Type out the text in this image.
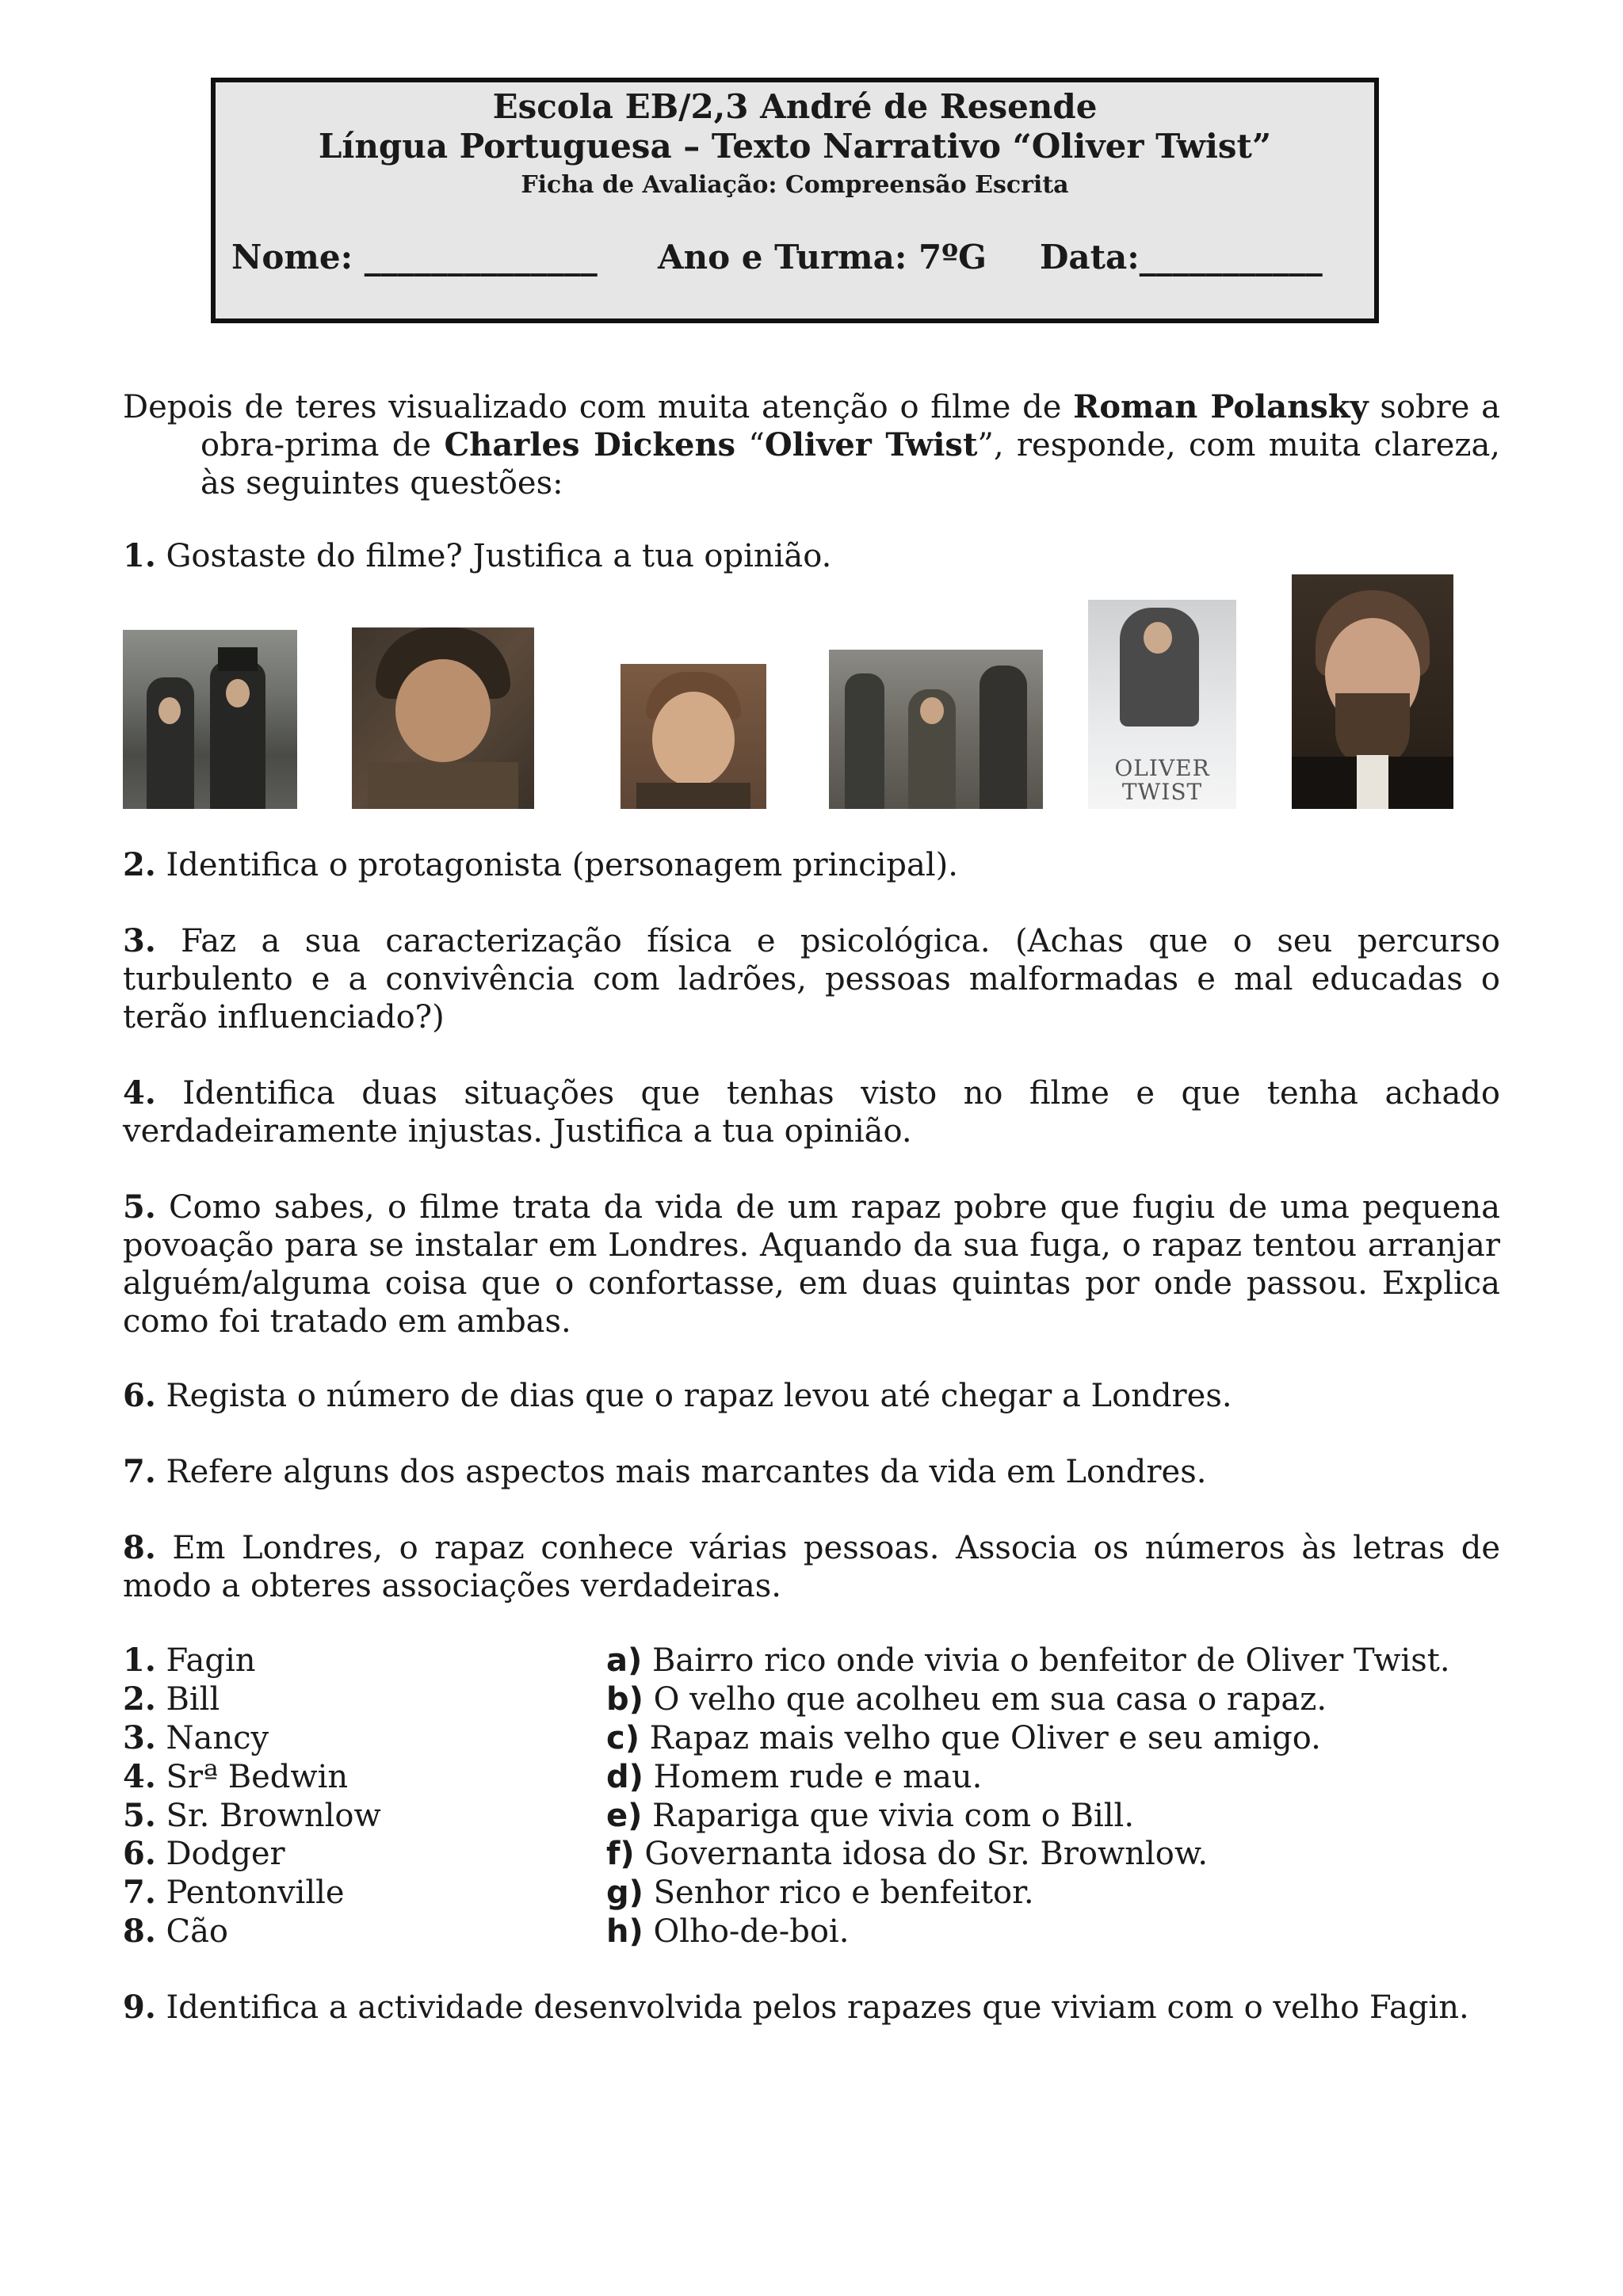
Escola EB/2,3 André de Resende
Língua Portuguesa – Texto Narrativo “Oliver Twist”
Ficha de Avaliação: Compreensão Escrita
Nome: ______________ Ano e Turma: 7ºG Data:___________
Depois de teres visualizado com muita atenção o filme de Roman Polansky sobre a obra-prima de Charles Dickens “Oliver Twist”, responde, com muita clareza, às seguintes questões:
1. Gostaste do filme? Justifica a tua opinião.
OLIVER
TWIST
2. Identifica o protagonista (personagem principal).
3. Faz a sua caracterização física e psicológica. (Achas que o seu percurso turbulento e a convivência com ladrões, pessoas malformadas e mal educadas o terão influenciado?)
4. Identifica duas situações que tenhas visto no filme e que tenha achado verdadeiramente injustas. Justifica a tua opinião.
5. Como sabes, o filme trata da vida de um rapaz pobre que fugiu de uma pequena povoação para se instalar em Londres. Aquando da sua fuga, o rapaz tentou arranjar alguém/alguma coisa que o confortasse, em duas quintas por onde passou. Explica como foi tratado em ambas.
6. Regista o número de dias que o rapaz levou até chegar a Londres.
7. Refere alguns dos aspectos mais marcantes da vida em Londres.
8. Em Londres, o rapaz conhece várias pessoas. Associa os números às letras de modo a obteres associações verdadeiras.
1. Fagin
2. Bill
3. Nancy
4. Srª Bedwin
5. Sr. Brownlow
6. Dodger
7. Pentonville
8. Cão
a) Bairro rico onde vivia o benfeitor de Oliver Twist.
b) O velho que acolheu em sua casa o rapaz.
c) Rapaz mais velho que Oliver e seu amigo.
d) Homem rude e mau.
e) Rapariga que vivia com o Bill.
f) Governanta idosa do Sr. Brownlow.
g) Senhor rico e benfeitor.
h) Olho-de-boi.
9. Identifica a actividade desenvolvida pelos rapazes que viviam com o velho Fagin.
